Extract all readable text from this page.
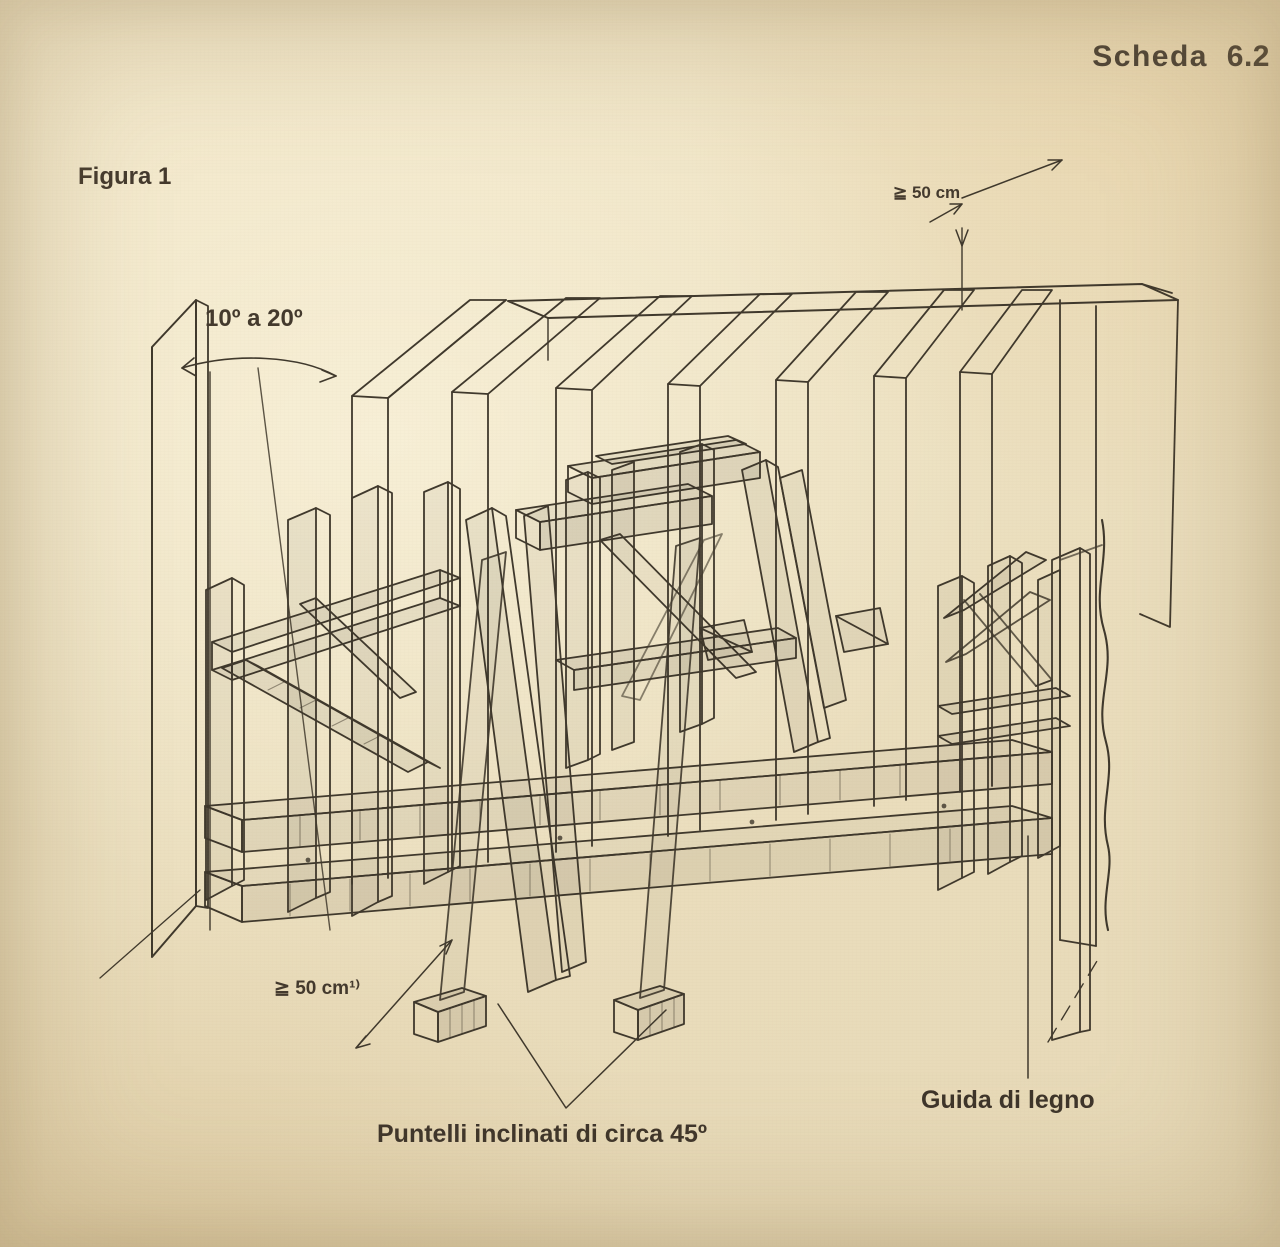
Scheda 6.2
Figura 1
10º a 20º
≧ 50 cm
≧ 50 cm¹⁾
Guida di legno
Puntelli inclinati di circa 45º
